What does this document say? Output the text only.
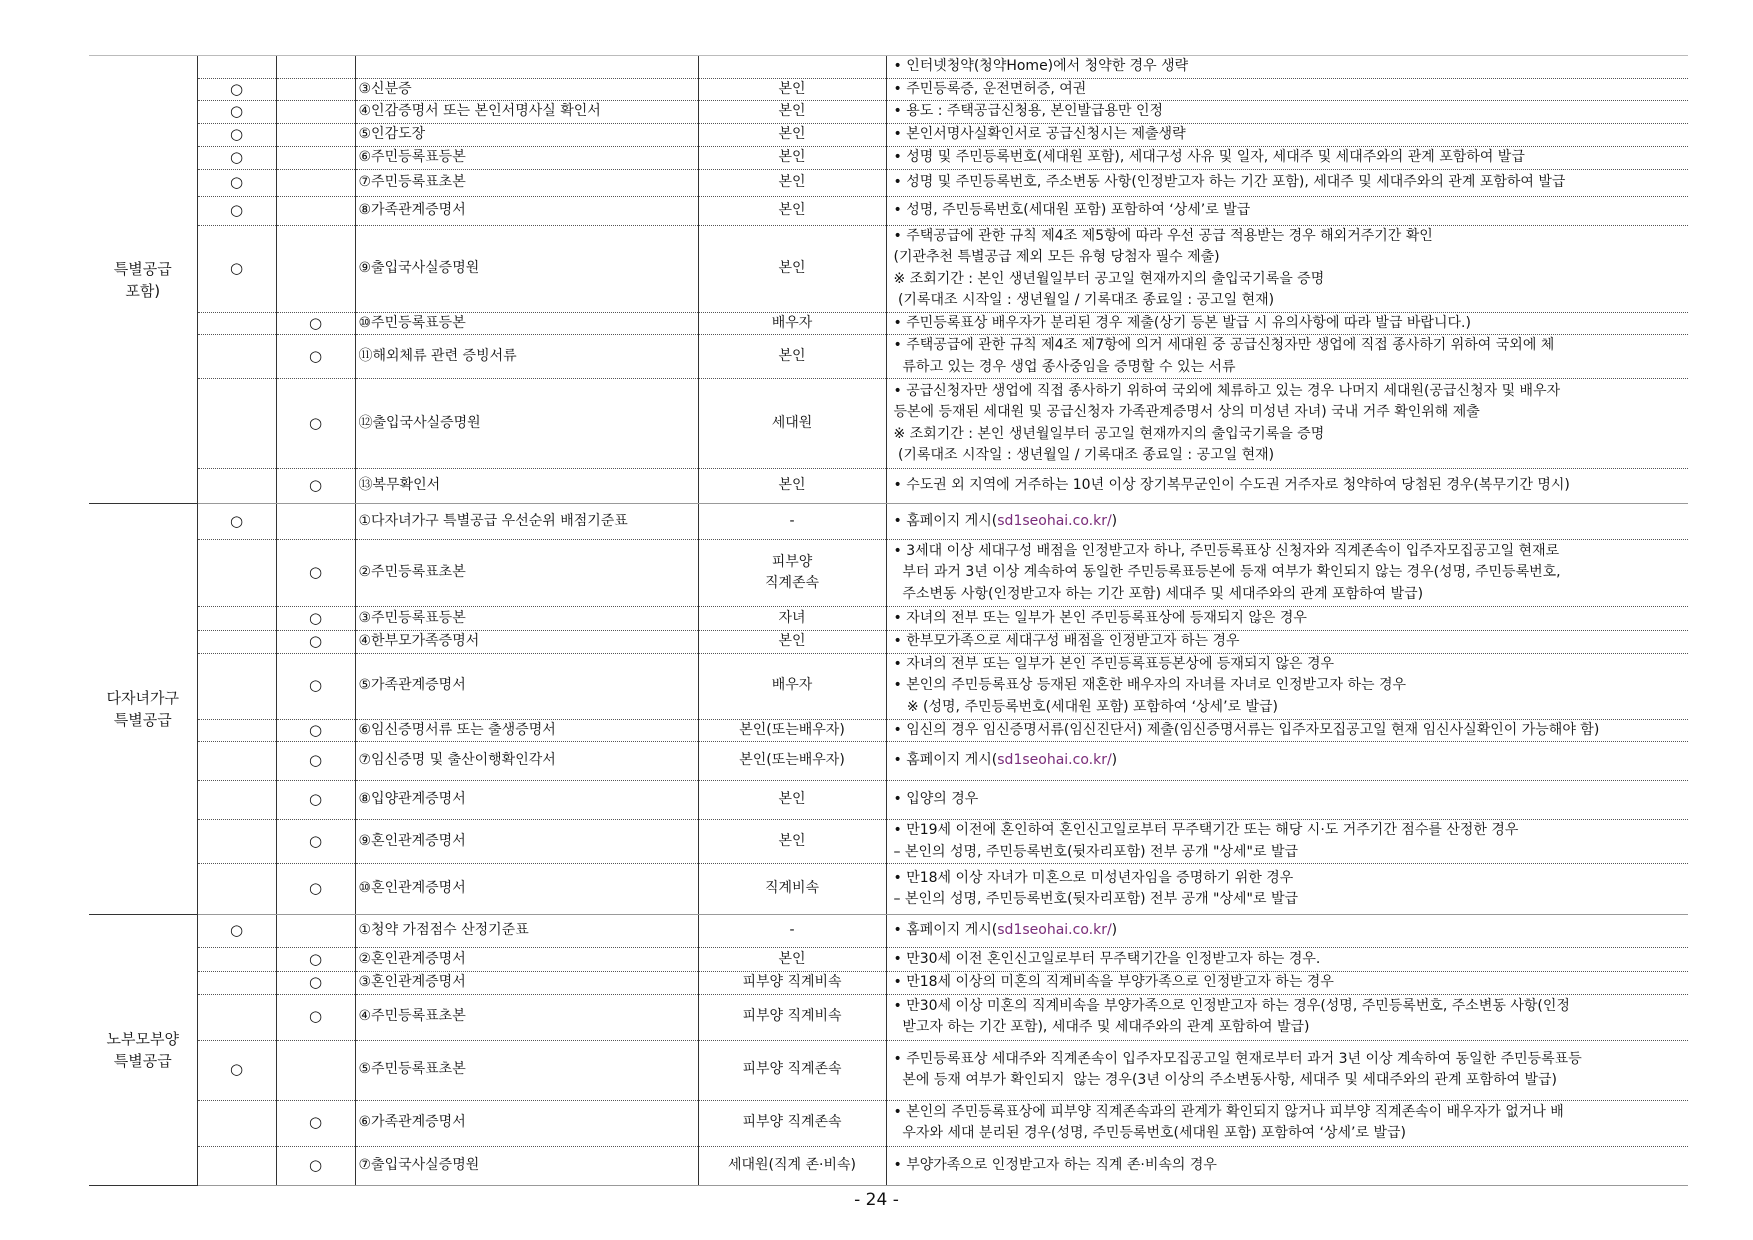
특별공급
포함)					• 인터넷청약(청약Home)에서 청약한 경우 생략

	○		③신분증	본인	• 주민등록증, 운전면허증, 여권

	○		④인감증명서 또는 본인서명사실 확인서	본인	• 용도 : 주택공급신청용, 본인발급용만 인정

	○		⑤인감도장	본인	• 본인서명사실확인서로 공급신청시는 제출생략

	○		⑥주민등록표등본	본인	• 성명 및 주민등록번호(세대원 포함), 세대구성 사유 및 일자, 세대주 및 세대주와의 관계 포함하여 발급

	○		⑦주민등록표초본	본인	• 성명 및 주민등록번호, 주소변동 사항(인정받고자 하는 기간 포함), 세대주 및 세대주와의 관계 포함하여 발급

	○		⑧가족관계증명서	본인	• 성명, 주민등록번호(세대원 포함) 포함하여 ‘상세’로 발급

	○		⑨출입국사실증명원	본인	• 주택공급에 관한 규칙 제4조 제5항에 따라 우선 공급 적용받는 경우 해외거주기간 확인
(기관추천 특별공급 제외 모든 유형 당첨자 필수 제출)
※ 조회기간 : 본인 생년월일부터 공고일 현재까지의 출입국기록을 증명
(기록대조 시작일 : 생년월일 / 기록대조 종료일 : 공고일 현재)

		○	⑩주민등록표등본	배우자	• 주민등록표상 배우자가 분리된 경우 제출(상기 등본 발급 시 유의사항에 따라 발급 바랍니다.)

		○	⑪해외체류 관련 증빙서류	본인	• 주택공급에 관한 규칙 제4조 제7항에 의거 세대원 중 공급신청자만 생업에 직접 종사하기 위하여 국외에 체
류하고 있는 경우 생업 종사중임을 증명할 수 있는 서류

		○	⑫출입국사실증명원	세대원	• 공급신청자만 생업에 직접 종사하기 위하여 국외에 체류하고 있는 경우 나머지 세대원(공급신청자 및 배우자
등본에 등재된 세대원 및 공급신청자 가족관계증명서 상의 미성년 자녀) 국내 거주 확인위해 제출
※ 조회기간 : 본인 생년월일부터 공고일 현재까지의 출입국기록을 증명
(기록대조 시작일 : 생년월일 / 기록대조 종료일 : 공고일 현재)

		○	⑬복무확인서	본인	• 수도권 외 지역에 거주하는 10년 이상 장기복무군인이 수도권 거주자로 청약하여 당첨된 경우(복무기간 명시)

다자녀가구
특별공급	○		①다자녀가구 특별공급 우선순위 배점기준표	-	• 홈페이지 게시(sd1seohai.co.kr/)

		○	②주민등록표초본	피부양
직계존속	• 3세대 이상 세대구성 배점을 인정받고자 하나, 주민등록표상 신청자와 직계존속이 입주자모집공고일 현재로
부터 과거 3년 이상 계속하여 동일한 주민등록표등본에 등재 여부가 확인되지 않는 경우(성명, 주민등록번호,
주소변동 사항(인정받고자 하는 기간 포함) 세대주 및 세대주와의 관계 포함하여 발급)

		○	③주민등록표등본	자녀	• 자녀의 전부 또는 일부가 본인 주민등록표상에 등재되지 않은 경우

		○	④한부모가족증명서	본인	• 한부모가족으로 세대구성 배점을 인정받고자 하는 경우

		○	⑤가족관계증명서	배우자	• 자녀의 전부 또는 일부가 본인 주민등록표등본상에 등재되지 않은 경우
• 본인의 주민등록표상 등재된 재혼한 배우자의 자녀를 자녀로 인정받고자 하는 경우
※ (성명, 주민등록번호(세대원 포함) 포함하여 ‘상세’로 발급)

		○	⑥임신증명서류 또는 출생증명서	본인(또는배우자)	• 임신의 경우 임신증명서류(임신진단서) 제출(임신증명서류는 입주자모집공고일 현재 임신사실확인이 가능해야 함)

		○	⑦임신증명 및 출산이행확인각서	본인(또는배우자)	• 홈페이지 게시(sd1seohai.co.kr/)

		○	⑧입양관계증명서	본인	• 입양의 경우

		○	⑨혼인관계증명서	본인	• 만19세 이전에 혼인하여 혼인신고일로부터 무주택기간 또는 해당 시·도 거주기간 점수를 산정한 경우
– 본인의 성명, 주민등록번호(뒷자리포함) 전부 공개 "상세"로 발급

		○	⑩혼인관계증명서	직계비속	• 만18세 이상 자녀가 미혼으로 미성년자임을 증명하기 위한 경우
– 본인의 성명, 주민등록번호(뒷자리포함) 전부 공개 "상세"로 발급

노부모부양
특별공급	○		①청약 가점점수 산정기준표	-	• 홈페이지 게시(sd1seohai.co.kr/)

		○	②혼인관계증명서	본인	• 만30세 이전 혼인신고일로부터 무주택기간을 인정받고자 하는 경우.

		○	③혼인관계증명서	피부양 직계비속	• 만18세 이상의 미혼의 직계비속을 부양가족으로 인정받고자 하는 경우

		○	④주민등록표초본	피부양 직계비속	• 만30세 이상 미혼의 직계비속을 부양가족으로 인정받고자 하는 경우(성명, 주민등록번호, 주소변동 사항(인정
받고자 하는 기간 포함), 세대주 및 세대주와의 관계 포함하여 발급)

	○		⑤주민등록표초본	피부양 직계존속	• 주민등록표상 세대주와 직계존속이 입주자모집공고일 현재로부터 과거 3년 이상 계속하여 동일한 주민등록표등
본에 등재 여부가 확인되지  않는 경우(3년 이상의 주소변동사항, 세대주 및 세대주와의 관계 포함하여 발급)

		○	⑥가족관계증명서	피부양 직계존속	• 본인의 주민등록표상에 피부양 직계존속과의 관계가 확인되지 않거나 피부양 직계존속이 배우자가 없거나 배
우자와 세대 분리된 경우(성명, 주민등록번호(세대원 포함) 포함하여 ‘상세’로 발급)

		○	⑦출입국사실증명원	세대원(직계 존·비속)	• 부양가족으로 인정받고자 하는 직계 존·비속의 경우
- 24 -
